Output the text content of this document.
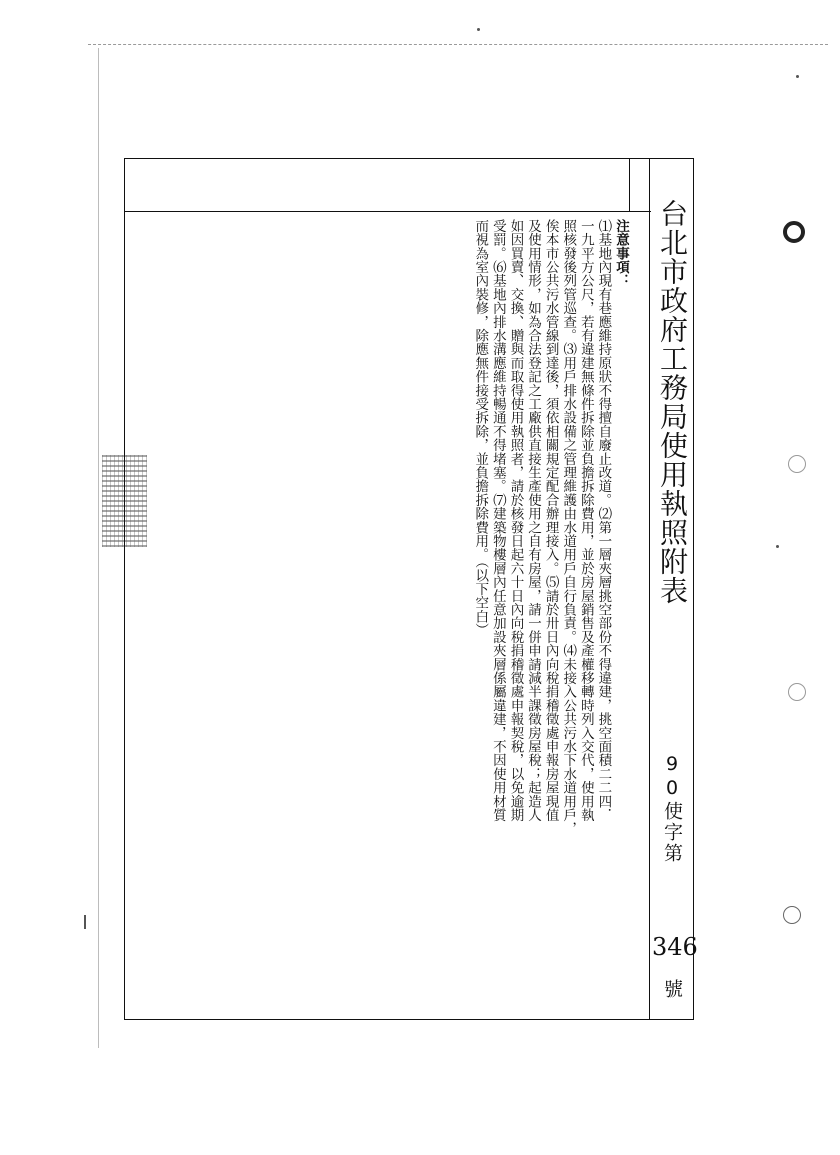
台北市政府工務局使用執照附表
90使字第
346
號
注意事項：
⑴基地內現有巷應維持原狀不得擅自廢止改道。⑵第一層夾層挑空部份不得違建，挑空面積二二四．
一九平方公尺，若有違建無條件拆除並負擔拆除費用，並於房屋銷售及產權移轉時列入交代，使用執
照核發後列管巡查。⑶用戶排水設備之管理維護由水道用戶自行負責。⑷未接入公共污水下水道用戶，
俟本市公共污水管線到達後，須依相關規定配合辦理接入。⑸請於卅日內向稅捐稽徵處申報房屋現值
及使用情形，如為合法登記之工廠供直接生產使用之自有房屋，請一併申請減半課徵房屋稅；起造人
如因買賣、交換、贈與而取得使用執照者，請於核發日起六十日內向稅捐稽徵處申報契稅，以免逾期
受罰。⑹基地內排水溝應維持暢通不得堵塞。⑺建築物樓層內任意加設夾層係屬違建，不因使用材質
而視為室內裝修，除應無件接受拆除，並負擔拆除費用。（以下空白）
